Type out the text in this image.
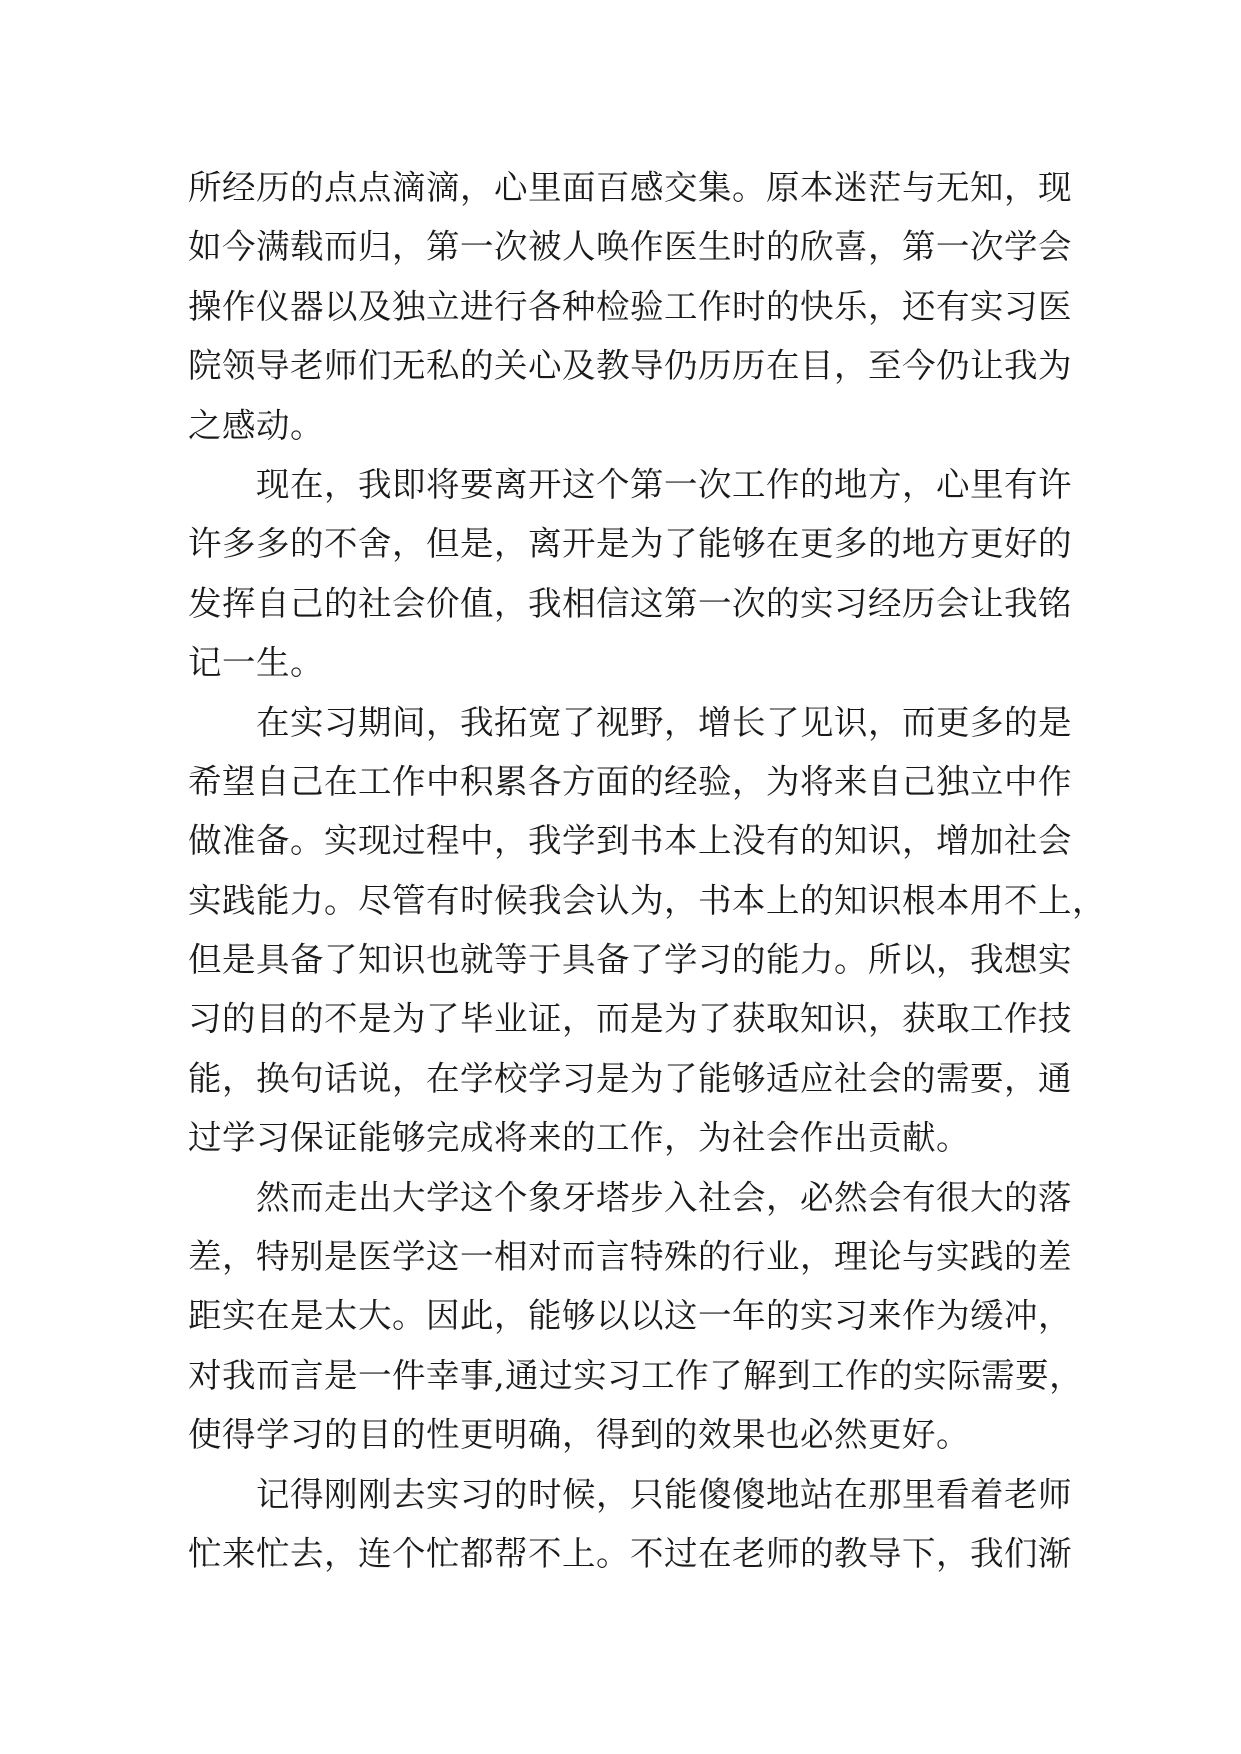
所经历的点点滴滴，心里面百感交集。原本迷茫与无知，现
如今满载而归，第一次被人唤作医生时的欣喜，第一次学会
操作仪器以及独立进行各种检验工作时的快乐，还有实习医
院领导老师们无私的关心及教导仍历历在目，至今仍让我为
之感动。
现在，我即将要离开这个第一次工作的地方，心里有许
许多多的不舍，但是，离开是为了能够在更多的地方更好的
发挥自己的社会价值，我相信这第一次的实习经历会让我铭
记一生。
在实习期间，我拓宽了视野，增长了见识，而更多的是
希望自己在工作中积累各方面的经验，为将来自己独立中作
做准备。实现过程中，我学到书本上没有的知识，增加社会
实践能力。尽管有时候我会认为，书本上的知识根本用不上，
但是具备了知识也就等于具备了学习的能力。所以，我想实
习的目的不是为了毕业证，而是为了获取知识，获取工作技
能，换句话说，在学校学习是为了能够适应社会的需要，通
过学习保证能够完成将来的工作，为社会作出贡献。
然而走出大学这个象牙塔步入社会，必然会有很大的落
差，特别是医学这一相对而言特殊的行业，理论与实践的差
距实在是太大。因此，能够以以这一年的实习来作为缓冲，
对我而言是一件幸事,通过实习工作了解到工作的实际需要，
使得学习的目的性更明确，得到的效果也必然更好。
记得刚刚去实习的时候，只能傻傻地站在那里看着老师
忙来忙去，连个忙都帮不上。不过在老师的教导下，我们渐
